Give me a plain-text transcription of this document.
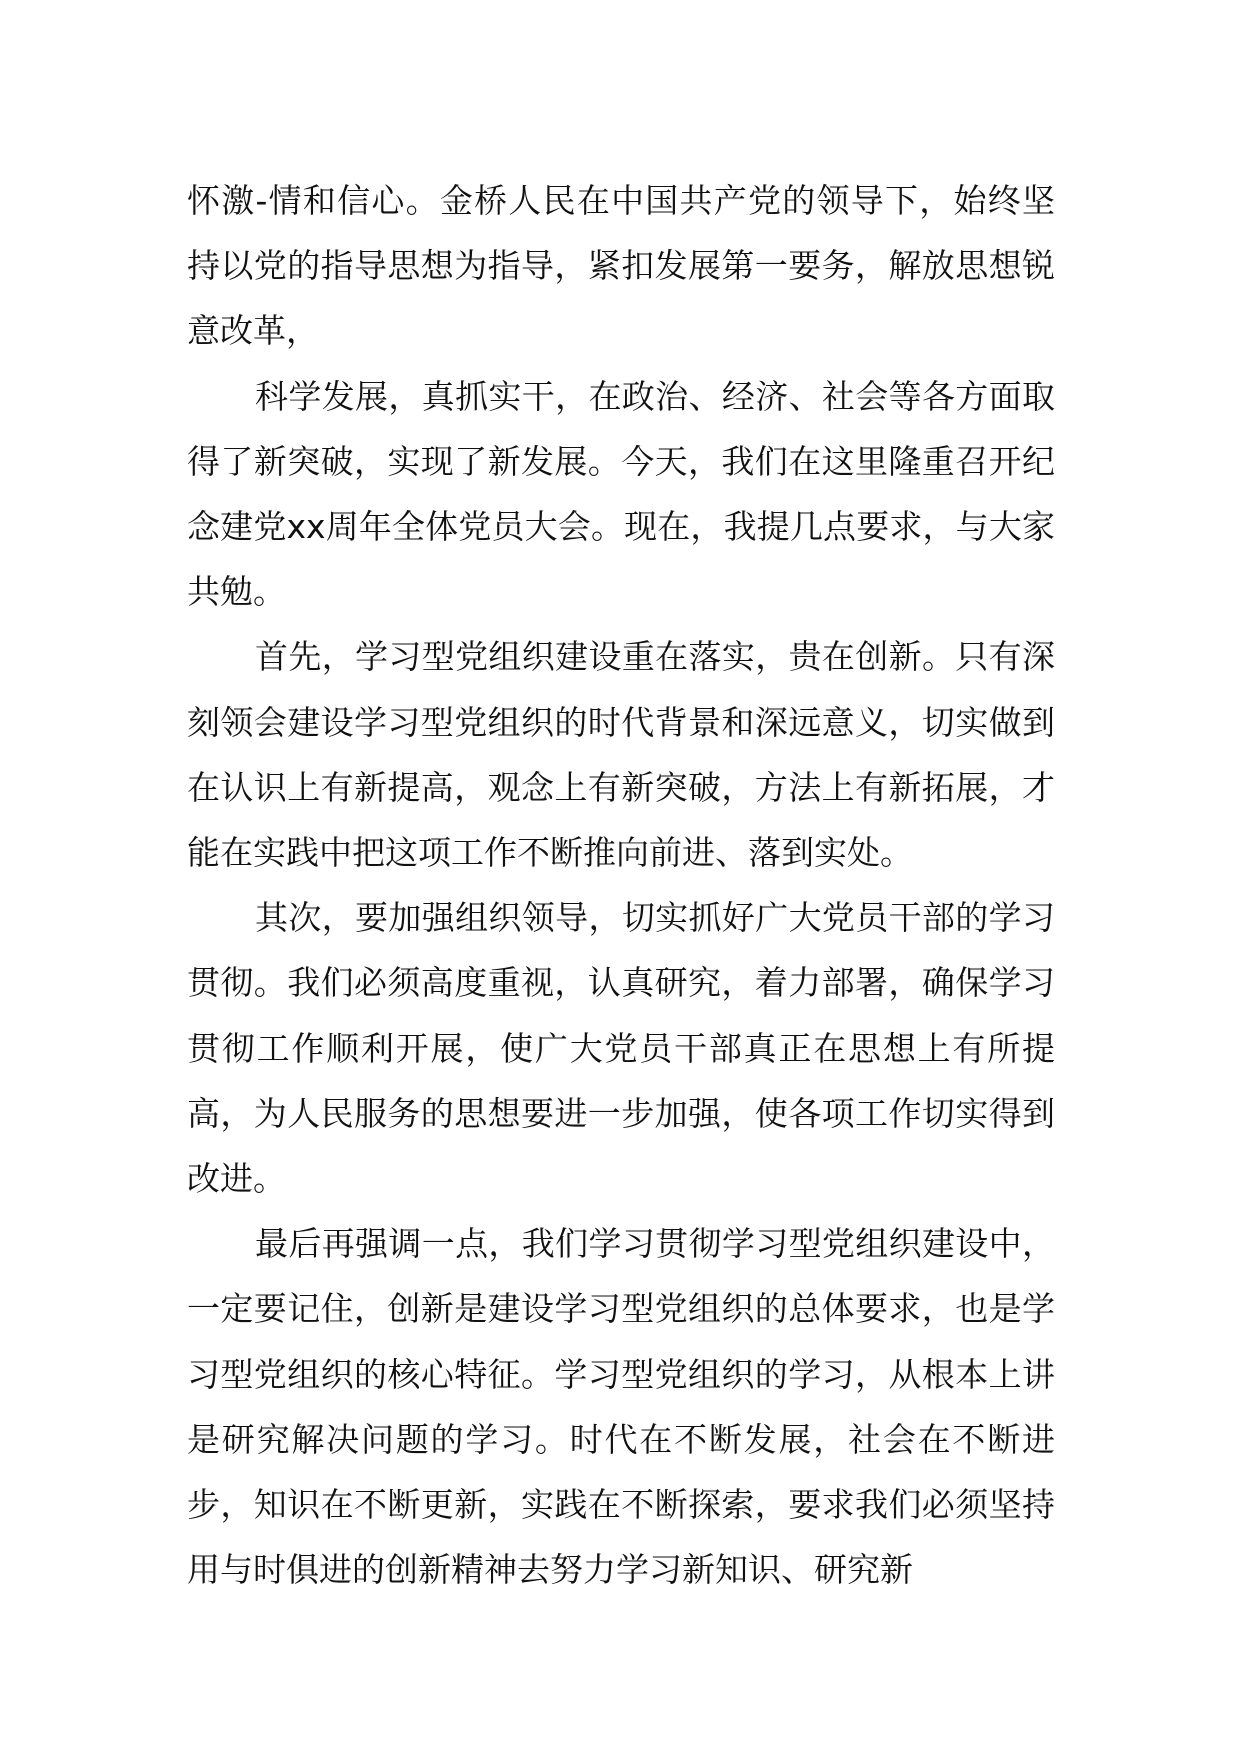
怀激-情和信心。金桥人民在中国共产党的领导下，始终坚持以党的指导思想为指导，紧扣发展第一要务，解放思想锐意改革，

科学发展，真抓实干，在政治、经济、社会等各方面取得了新突破，实现了新发展。今天，我们在这里隆重召开纪念建党xx周年全体党员大会。现在，我提几点要求，与大家共勉。

首先，学习型党组织建设重在落实，贵在创新。只有深刻领会建设学习型党组织的时代背景和深远意义，切实做到在认识上有新提高，观念上有新突破，方法上有新拓展，才能在实践中把这项工作不断推向前进、落到实处。

其次，要加强组织领导，切实抓好广大党员干部的学习贯彻。我们必须高度重视，认真研究，着力部署，确保学习贯彻工作顺利开展，使广大党员干部真正在思想上有所提高，为人民服务的思想要进一步加强，使各项工作切实得到改进。

最后再强调一点，我们学习贯彻学习型党组织建设中，一定要记住，创新是建设学习型党组织的总体要求，也是学习型党组织的核心特征。学习型党组织的学习，从根本上讲是研究解决问题的学习。时代在不断发展，社会在不断进步，知识在不断更新，实践在不断探索，要求我们必须坚持用与时俱进的创新精神去努力学习新知识、研究新
